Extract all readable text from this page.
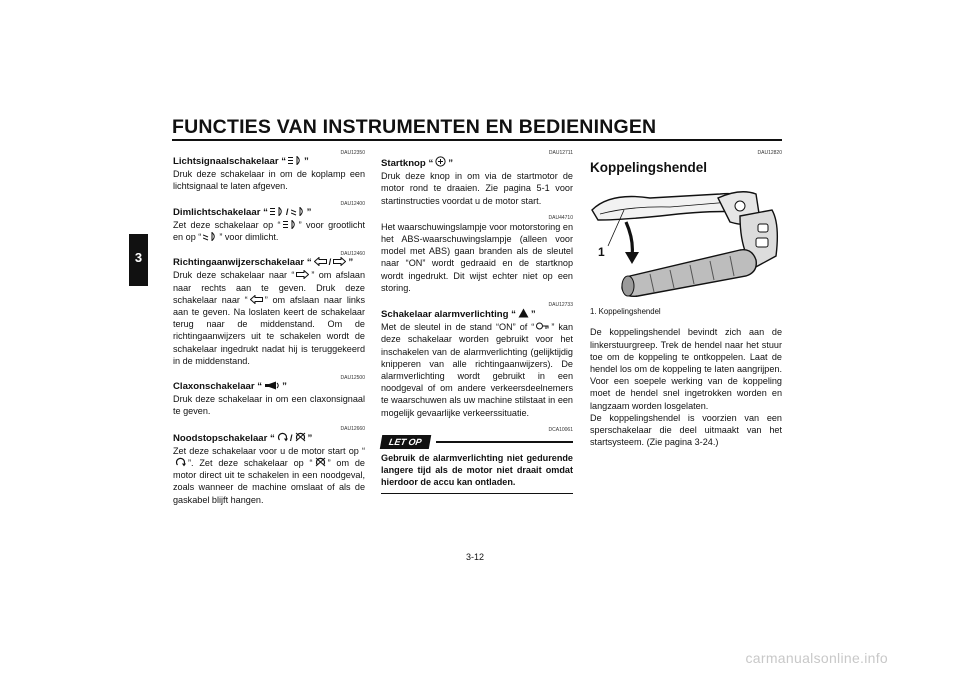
FUNCTIES VAN INSTRUMENTEN EN BEDIENINGEN
3
DAU12350
Lichtsignaalschakelaar “ ”

Druk deze schakelaar in om de koplamp een lichtsignaal te laten afgeven.

DAU12400
Dimlichtschakelaar “ / ”

Zet deze schakelaar op “ ” voor grootlicht en op “ ” voor dimlicht.

DAU12460
Richtingaanwijzerschakelaar “ / ”

Druk deze schakelaar naar “ ” om afslaan naar rechts aan te geven. Druk deze schakelaar naar “ ” om afslaan naar links aan te geven. Na loslaten keert de schakelaar terug naar de middenstand. Om de richtingaanwijzers uit te schakelen wordt de schakelaar ingedrukt nadat hij is teruggekeerd in de middenstand.

DAU12500
Claxonschakelaar “ ”

Druk deze schakelaar in om een claxonsignaal te geven.

DAU12660
Noodstopschakelaar “ / ”

Zet deze schakelaar voor u de motor start op “”. Zet deze schakelaar op “ ” om de motor direct uit te schakelen in een noodgeval, zoals wanneer de machine omslaat of als de gaskabel blijft hangen.

DAU12711
Startknop “ ”

Druk deze knop in om via de startmotor de motor rond te draaien. Zie pagina 5-1 voor startinstructies voordat u de motor start.

DAU44710

Het waarschuwingslampje voor motorstoring en het ABS-waarschuwingslampje (alleen voor model met ABS) gaan branden als de sleutel naar “ON” wordt gedraaid en de startknop wordt ingedrukt. Dit wijst echter niet op een storing.

DAU12733
Schakelaar alarmverlichting “ ”

Met de sleutel in de stand “ON” of “ ” kan deze schakelaar worden gebruikt voor het inschakelen van de alarmverlichting (gelijktijdig knipperen van alle richtingaanwijzers). De alarmverlichting wordt gebruikt in een noodgeval of om andere verkeersdeelnemers te waarschuwen als uw machine stilstaat in een mogelijk gevaarlijke verkeerssituatie.

DCA10061
LET OP

Gebruik de alarmverlichting niet gedurende langere tijd als de motor niet draait omdat hierdoor de accu kan ontladen.

DAU12820
Koppelingshendel
1
1. Koppelingshendel

De koppelingshendel bevindt zich aan de linkerstuurgreep. Trek de hendel naar het stuur toe om de koppeling te ontkoppelen. Laat de hendel los om de koppeling te laten aangrijpen. Voor een soepele werking van de koppeling moet de hendel snel ingetrokken worden en langzaam worden losgelaten.

De koppelingshendel is voorzien van een sperschakelaar die deel uitmaakt van het startsysteem. (Zie pagina 3-24.)

3-12
carmanualsonline.info
